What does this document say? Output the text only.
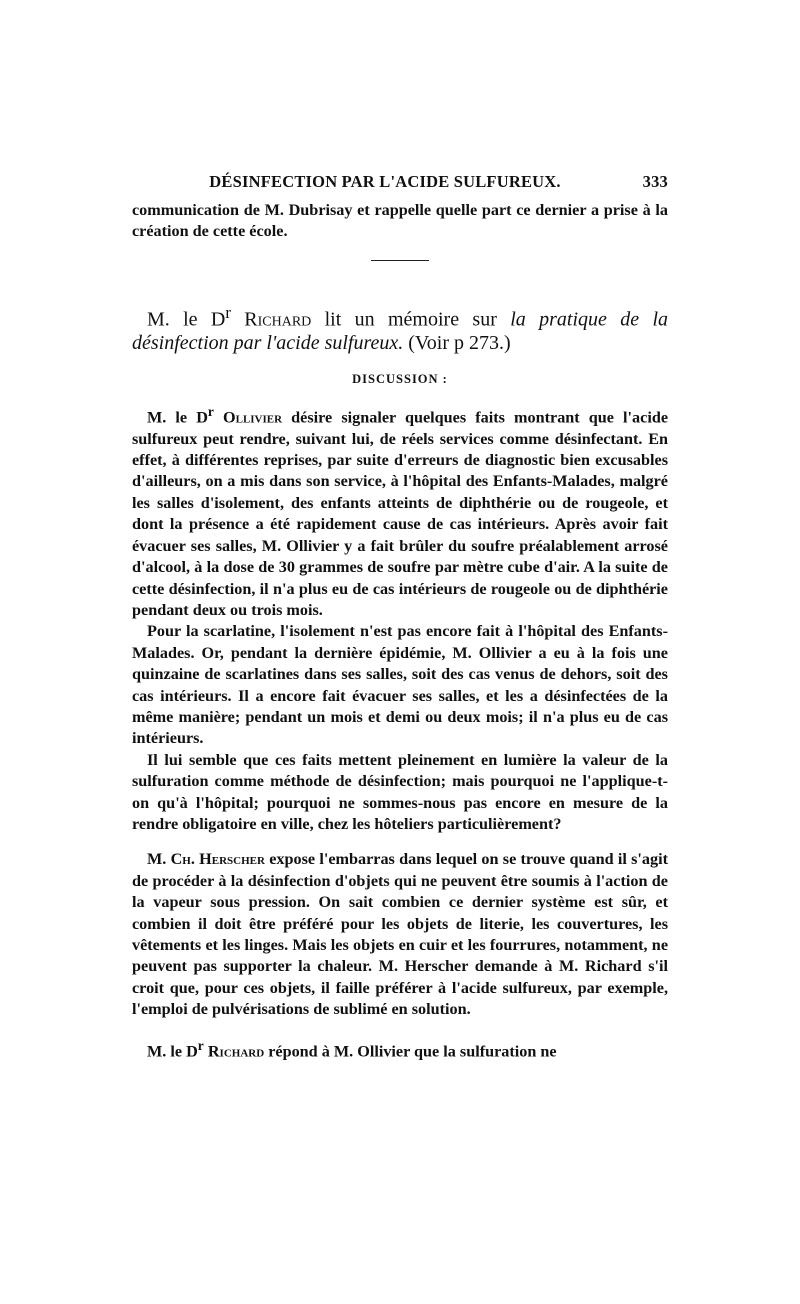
DÉSINFECTION PAR L'ACIDE SULFUREUX.	333

communication de M. Dubrisay et rappelle quelle part ce dernier a prise à la création de cette école.

M. le $D^r$ Richard lit un mémoire sur la pratique de la désinfection par l'acide sulfureux. (Voir p 273.)

DISCUSSION :

M. le $D^r$ Ollivier désire signaler quelques faits montrant que l'acide sulfureux peut rendre, suivant lui, de réels services comme désinfectant. En effet, à différentes reprises, par suite d'erreurs de diagnostic bien excusables d'ailleurs, on a mis dans son service, à l'hôpital des Enfants-Malades, malgré les salles d'isolement, des enfants atteints de diphthérie ou de rougeole, et dont la présence a été rapidement cause de cas intérieurs. Après avoir fait évacuer ses salles, M. Ollivier y a fait brûler du soufre préalablement arrosé d'alcool, à la dose de 30 grammes de soufre par mètre cube d'air. A la suite de cette désinfection, il n'a plus eu de cas intérieurs de rougeole ou de diphthérie pendant deux ou trois mois.

Pour la scarlatine, l'isolement n'est pas encore fait à l'hôpital des Enfants-Malades. Or, pendant la dernière épidémie, M. Ollivier a eu à la fois une quinzaine de scarlatines dans ses salles, soit des cas venus de dehors, soit des cas intérieurs. Il a encore fait évacuer ses salles, et les a désinfectées de la même manière; pendant un mois et demi ou deux mois; il n'a plus eu de cas intérieurs.

Il lui semble que ces faits mettent pleinement en lumière la valeur de la sulfuration comme méthode de désinfection; mais pourquoi ne l'applique-t-on qu'à l'hôpital; pourquoi ne sommes-nous pas encore en mesure de la rendre obligatoire en ville, chez les hôteliers particulièrement?

M. Ch. Herscher expose l'embarras dans lequel on se trouve quand il s'agit de procéder à la désinfection d'objets qui ne peuvent être soumis à l'action de la vapeur sous pression. On sait combien ce dernier système est sûr, et combien il doit être préféré pour les objets de literie, les couvertures, les vêtements et les linges. Mais les objets en cuir et les fourrures, notamment, ne peuvent pas supporter la chaleur. M. Herscher demande à M. Richard s'il croit que, pour ces objets, il faille préférer à l'acide sulfureux, par exemple, l'emploi de pulvérisations de sublimé en solution.

M. le $D^r$ Richard répond à M. Ollivier que la sulfuration ne
